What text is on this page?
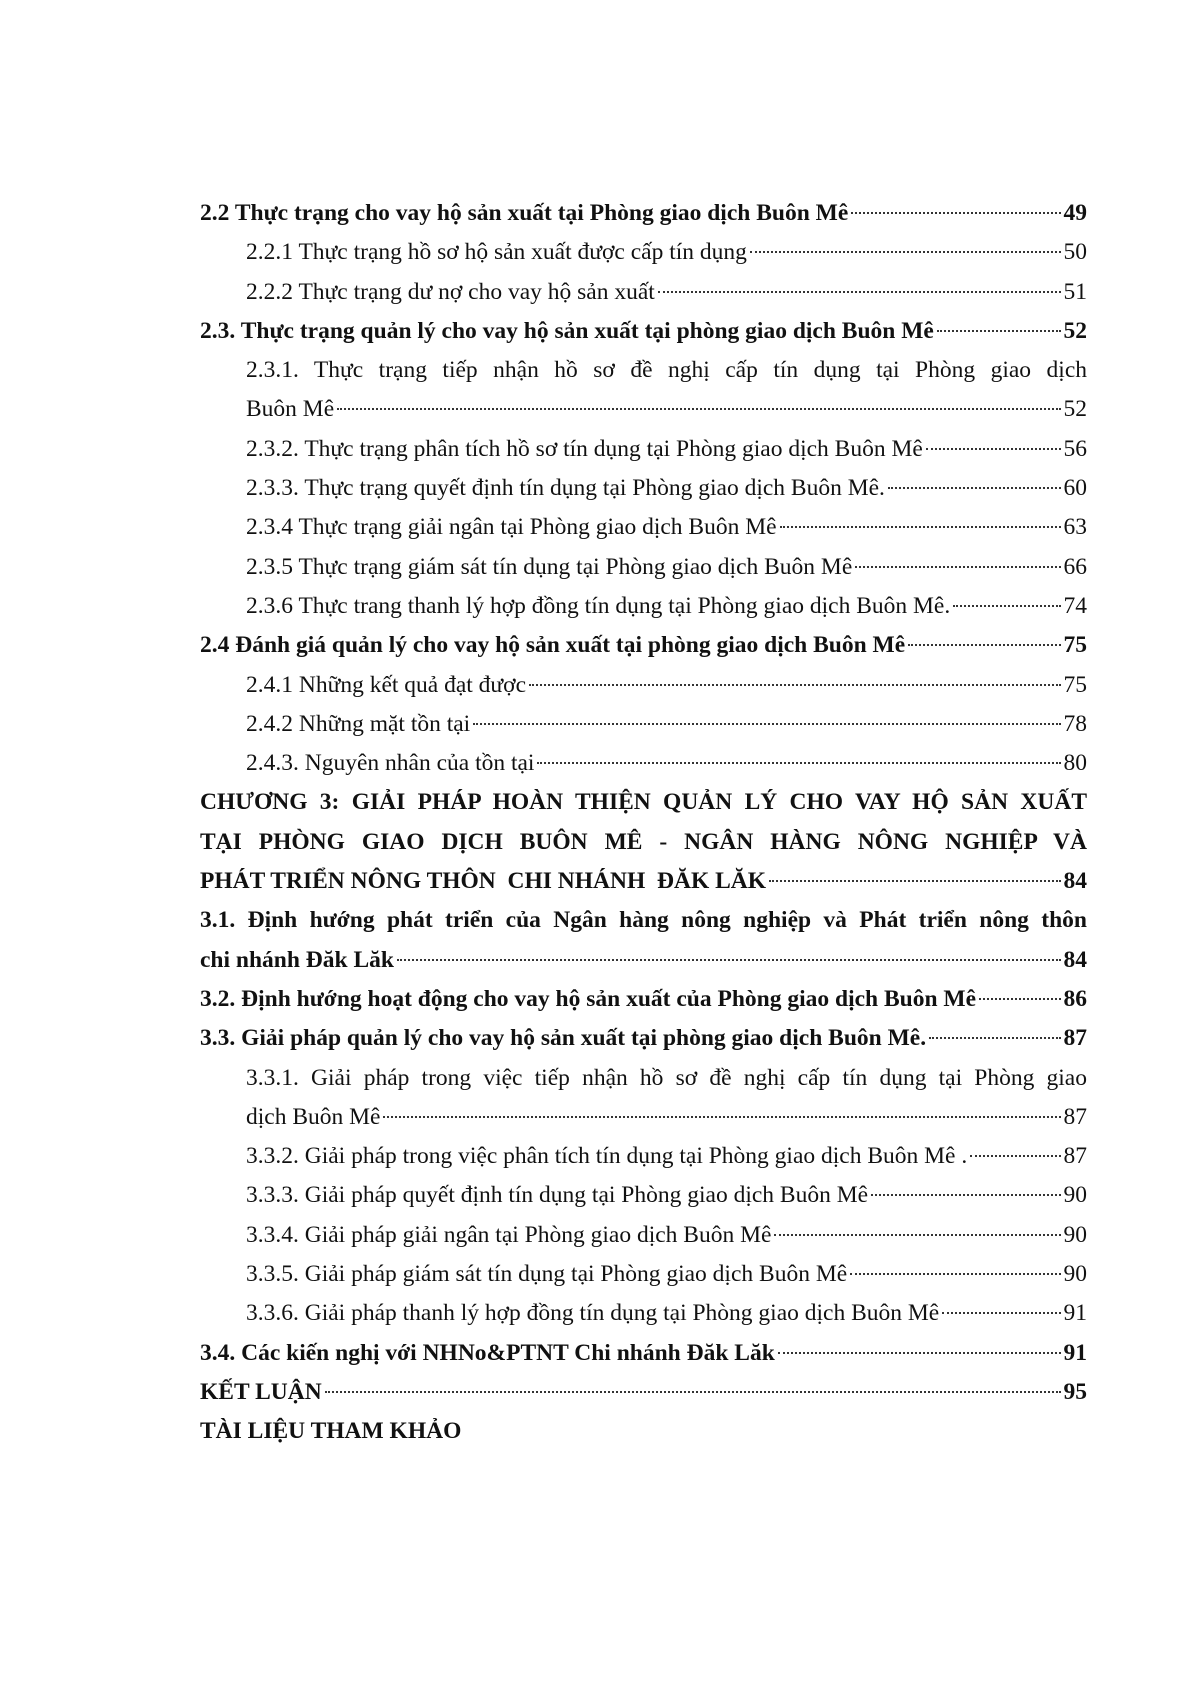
2.2 Thực trạng cho vay hộ sản xuất tại Phòng giao dịch Buôn Mê	49
2.2.1 Thực trạng hồ sơ hộ sản xuất được cấp tín dụng	50
2.2.2 Thực trạng dư nợ cho vay hộ sản xuất	51
2.3. Thực trạng quản lý cho vay hộ sản xuất tại phòng giao dịch Buôn Mê	52
2.3.1. Thực trạng tiếp nhận hồ sơ đề nghị cấp tín dụng tại Phòng giao dịch
Buôn Mê	52
2.3.2. Thực trạng phân tích hồ sơ tín dụng tại Phòng giao dịch Buôn Mê	56
2.3.3. Thực trạng quyết định tín dụng tại Phòng giao dịch Buôn Mê.	60
2.3.4 Thực trạng giải ngân tại Phòng giao dịch Buôn Mê	63
2.3.5 Thực trạng giám sát tín dụng tại Phòng giao dịch Buôn Mê	66
2.3.6 Thực trang thanh lý hợp đồng tín dụng tại Phòng giao dịch Buôn Mê.	74
2.4 Đánh giá quản lý cho vay hộ sản xuất tại phòng giao dịch Buôn Mê	75
2.4.1 Những kết quả đạt được	75
2.4.2 Những mặt tồn tại	78
2.4.3. Nguyên nhân của tồn tại	80
CHƯƠNG 3: GIẢI PHÁP HOÀN THIỆN QUẢN LÝ CHO VAY HỘ SẢN XUẤT
TẠI PHÒNG GIAO DỊCH BUÔN MÊ - NGÂN HÀNG NÔNG NGHIỆP VÀ
PHÁT TRIỂN NÔNG THÔN  CHI NHÁNH  ĐĂK LĂK	84
3.1. Định hướng phát triển của Ngân hàng nông nghiệp và Phát triển nông thôn
chi nhánh Đăk Lăk	84
3.2. Định hướng hoạt động cho vay hộ sản xuất của Phòng giao dịch Buôn Mê	86
3.3. Giải pháp quản lý cho vay hộ sản xuất tại phòng giao dịch Buôn Mê.	87
3.3.1. Giải pháp trong việc tiếp nhận hồ sơ đề nghị cấp tín dụng tại Phòng giao
dịch Buôn Mê	87
3.3.2. Giải pháp trong việc phân tích tín dụng tại Phòng giao dịch Buôn Mê .	87
3.3.3. Giải pháp quyết định tín dụng tại Phòng giao dịch Buôn Mê	90
3.3.4. Giải pháp giải ngân tại Phòng giao dịch Buôn Mê	90
3.3.5. Giải pháp giám sát tín dụng tại Phòng giao dịch Buôn Mê	90
3.3.6. Giải pháp thanh lý hợp đồng tín dụng tại Phòng giao dịch Buôn Mê	91
3.4. Các kiến nghị với NHNo&PTNT Chi nhánh Đăk Lăk	91
KẾT LUẬN	95
TÀI LIỆU THAM KHẢO
